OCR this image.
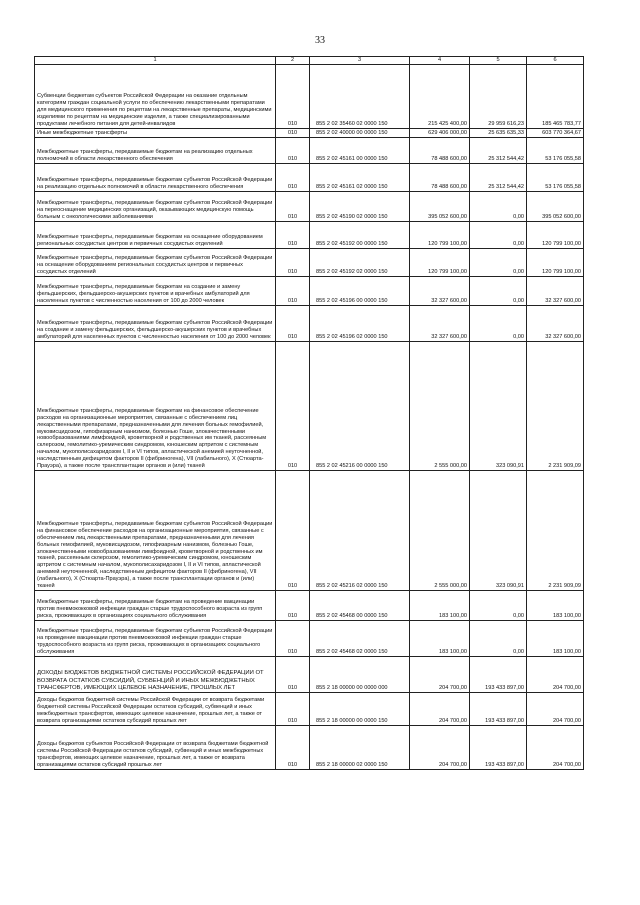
33
1	2	3	4	5	6
Субвенции бюджетам субъектов Российской Федерации на оказание отдельным категориям граждан социальной услуги по обеспечению лекарственными препаратами для медицинского применения по рецептам на лекарственные препараты, медицинскими изделиями по рецептам на медицинские изделия, а также специализированными продуктами лечебного питания для детей-инвалидов	010	855 2 02 35460 02 0000 150	215 425 400,00	29 959 616,23	185 465 783,77
Иные межбюджетные трансферты	010	855 2 02 40000 00 0000 150	629 406 000,00	25 635 635,33	603 770 364,67
Межбюджетные трансферты, передаваемые бюджетам на реализацию отдельных полномочий в области лекарственного обеспечения	010	855 2 02 45161 00 0000 150	78 488 600,00	25 312 544,42	53 176 055,58
Межбюджетные трансферты, передаваемые бюджетам субъектов Российской Федерации на реализацию отдельных полномочий в области лекарственного обеспечения	010	855 2 02 45161 02 0000 150	78 488 600,00	25 312 544,42	53 176 055,58
Межбюджетные трансферты, передаваемые бюджетам субъектов Российской Федерации на переоснащение медицинских организаций, оказывающих медицинскую помощь больным с онкологическими заболеваниями	010	855 2 02 45190 02 0000 150	395 052 600,00	0,00	395 052 600,00
Межбюджетные трансферты, передаваемые бюджетам на оснащение оборудованием региональных сосудистых центров и первичных сосудистых отделений	010	855 2 02 45192 00 0000 150	120 799 100,00	0,00	120 799 100,00
Межбюджетные трансферты, передаваемые бюджетам субъектов Российской Федерации на оснащение оборудованием региональных сосудистых центров и первичных сосудистых отделений	010	855 2 02 45192 02 0000 150	120 799 100,00	0,00	120 799 100,00
Межбюджетные трансферты, передаваемые бюджетам на создание и замену фельдшерских, фельдшерско-акушерских пунктов и врачебных амбулаторий для населенных пунктов с численностью населения от 100 до 2000 человек	010	855 2 02 45196 00 0000 150	32 327 600,00	0,00	32 327 600,00
Межбюджетные трансферты, передаваемые бюджетам субъектов Российской Федерации на создание и замену фельдшерских, фельдшерско-акушерских пунктов и врачебных амбулаторий для населенных пунктов с численностью населения от 100 до 2000 человек	010	855 2 02 45196 02 0000 150	32 327 600,00	0,00	32 327 600,00
Межбюджетные трансферты, передаваемые бюджетам на финансовое обеспечение расходов на организационные мероприятия, связанные с обеспечением лиц лекарственными препаратами, предназначенными для лечения больных гемофилией, муковисцидозом, гипофизарным нанизмом, болезнью Гоше, злокачественными новообразованиями лимфоидной, кроветворной и родственных им тканей, рассеянным склерозом, гемолитико-уремическим синдромом, юношеским артритом с системным началом, мукополисахаридозом I, II и VI типов, апластической анемией неуточненной, наследственным дефицитом факторов II (фибриногена), VII (лабильного), X (Стюарта-Прауэра), а также после трансплантации органов и (или) тканей	010	855 2 02 45216 00 0000 150	2 555 000,00	323 090,91	2 231 909,09
Межбюджетные трансферты, передаваемые бюджетам субъектов Российской Федерации на финансовое обеспечение расходов на организационные мероприятия, связанные с обеспечением лиц лекарственными препаратами, предназначенными для лечения больных гемофилией, муковисцидозом, гипофизарным нанизмом, болезнью Гоше, злокачественными новообразованиями лимфоидной, кроветворной и родственных им тканей, рассеянным склерозом, гемолитико-уремическим синдромом, юношеским артритом с системным началом, мукополисахаридозом I, II и VI типов, апластической анемией неуточненной, наследственным дефицитом факторов II (фибриногена), VII (лабильного), X (Стюарта-Прауэра), а также после трансплантации органов и (или) тканей	010	855 2 02 45216 02 0000 150	2 555 000,00	323 090,91	2 231 909,09
Межбюджетные трансферты, передаваемые бюджетам на проведение вакцинации против пневмококковой инфекции граждан старше трудоспособного возраста из групп риска, проживающих в организациях социального обслуживания	010	855 2 02 45468 00 0000 150	183 100,00	0,00	183 100,00
Межбюджетные трансферты, передаваемые бюджетам субъектов Российской Федерации на проведение вакцинации против пневмококковой инфекции граждан старше трудоспособного возраста из групп риска, проживающих в организациях социального обслуживания	010	855 2 02 45468 02 0000 150	183 100,00	0,00	183 100,00
ДОХОДЫ БЮДЖЕТОВ БЮДЖЕТНОЙ СИСТЕМЫ РОССИЙСКОЙ ФЕДЕРАЦИИ ОТ ВОЗВРАТА ОСТАТКОВ СУБСИДИЙ, СУБВЕНЦИЙ И ИНЫХ МЕЖБЮДЖЕТНЫХ ТРАНСФЕРТОВ, ИМЕЮЩИХ ЦЕЛЕВОЕ НАЗНАЧЕНИЕ, ПРОШЛЫХ ЛЕТ	010	855 2 18 00000 00 0000 000	204 700,00	193 433 897,00	204 700,00
Доходы бюджетов бюджетной системы Российской Федерации от возврата бюджетами бюджетной системы Российской Федерации остатков субсидий, субвенций и иных межбюджетных трансфертов, имеющих целевое назначение, прошлых лет, а также от возврата организациями остатков субсидий прошлых лет	010	855 2 18 00000 00 0000 150	204 700,00	193 433 897,00	204 700,00
Доходы бюджетов субъектов Российской Федерации от возврата бюджетами бюджетной системы Российской Федерации остатков субсидий, субвенций и иных межбюджетных трансфертов, имеющих целевое назначение, прошлых лет, а также от возврата организациями остатков субсидий прошлых лет	010	855 2 18 00000 02 0000 150	204 700,00	193 433 897,00	204 700,00
